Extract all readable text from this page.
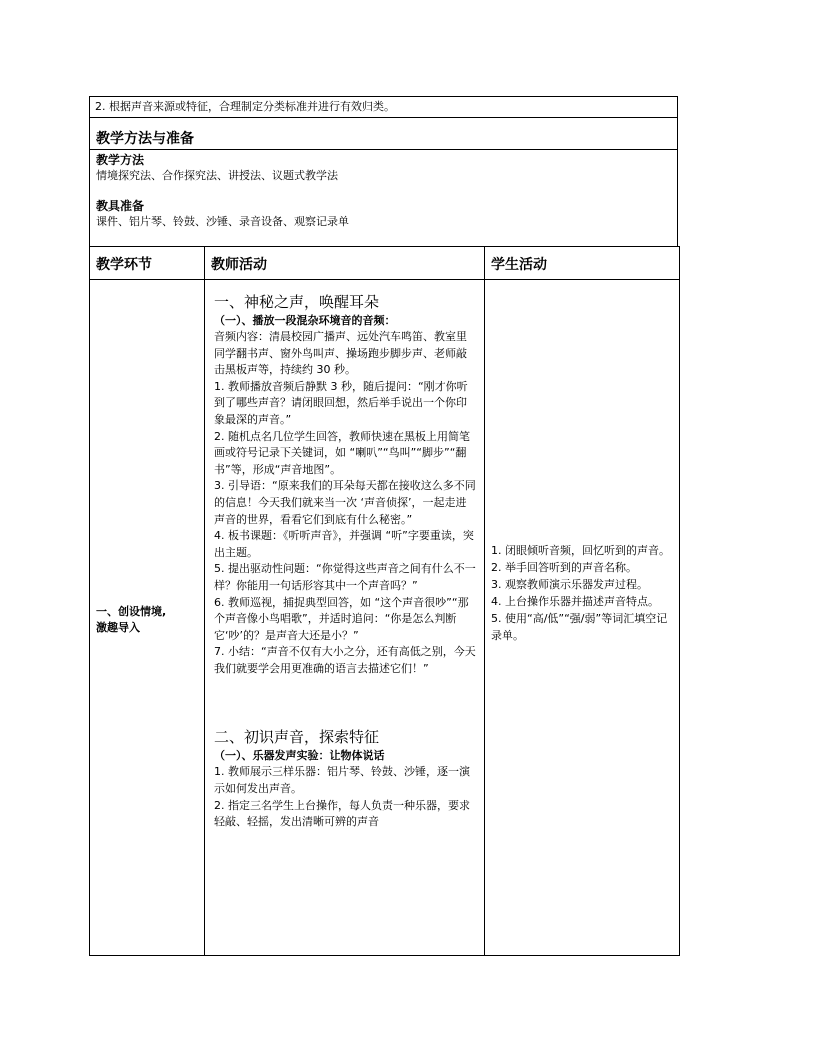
2. 根据声音来源或特征，合理制定分类标准并进行有效归类。
教学方法与准备
教学方法
情境探究法、合作探究法、讲授法、议题式教学法
教具准备
课件、铝片琴、铃鼓、沙锤、录音设备、观察记录单
教学环节	教师活动	学生活动
一、创设情境,
激趣导入
一、神秘之声，唤醒耳朵
（一）、播放一段混杂环境音的音频：
音频内容：清晨校园广播声、远处汽车鸣笛、教室里同学翻书声、窗外鸟叫声、操场跑步脚步声、老师敲击黑板声等，持续约 30 秒。
1. 教师播放音频后静默 3 秒，随后提问：“刚才你听到了哪些声音？请闭眼回想，然后举手说出一个你印象最深的声音。”
2. 随机点名几位学生回答，教师快速在黑板上用简笔画或符号记录下关键词，如 “喇叭”“鸟叫”“脚步”“翻书”等，形成“声音地图”。
3. 引导语：“原来我们的耳朵每天都在接收这么多不同的信息！今天我们就来当一次 ‘声音侦探’，一起走进声音的世界，看看它们到底有什么秘密。”
4. 板书课题：《听听声音》，并强调 “听”字要重读，突出主题。
5. 提出驱动性问题：“你觉得这些声音之间有什么不一样？你能用一句话形容其中一个声音吗？”
6. 教师巡视，捕捉典型回答，如 “这个声音很吵”“那个声音像小鸟唱歌”，并适时追问：“你是怎么判断它‘吵’的？是声音大还是小？”
7. 小结：“声音不仅有大小之分，还有高低之别，今天我们就要学会用更准确的语言去描述它们！”
二、初识声音，探索特征
（一）、乐器发声实验：让物体说话
1. 教师展示三样乐器：铝片琴、铃鼓、沙锤，逐一演示如何发出声音。
2. 指定三名学生上台操作，每人负责一种乐器，要求轻敲、轻摇，发出清晰可辨的声音
1. 闭眼倾听音频，回忆听到的声音。
2. 举手回答听到的声音名称。
3. 观察教师演示乐器发声过程。
4. 上台操作乐器并描述声音特点。
5. 使用“高/低”“强/弱”等词汇填空记录单。
